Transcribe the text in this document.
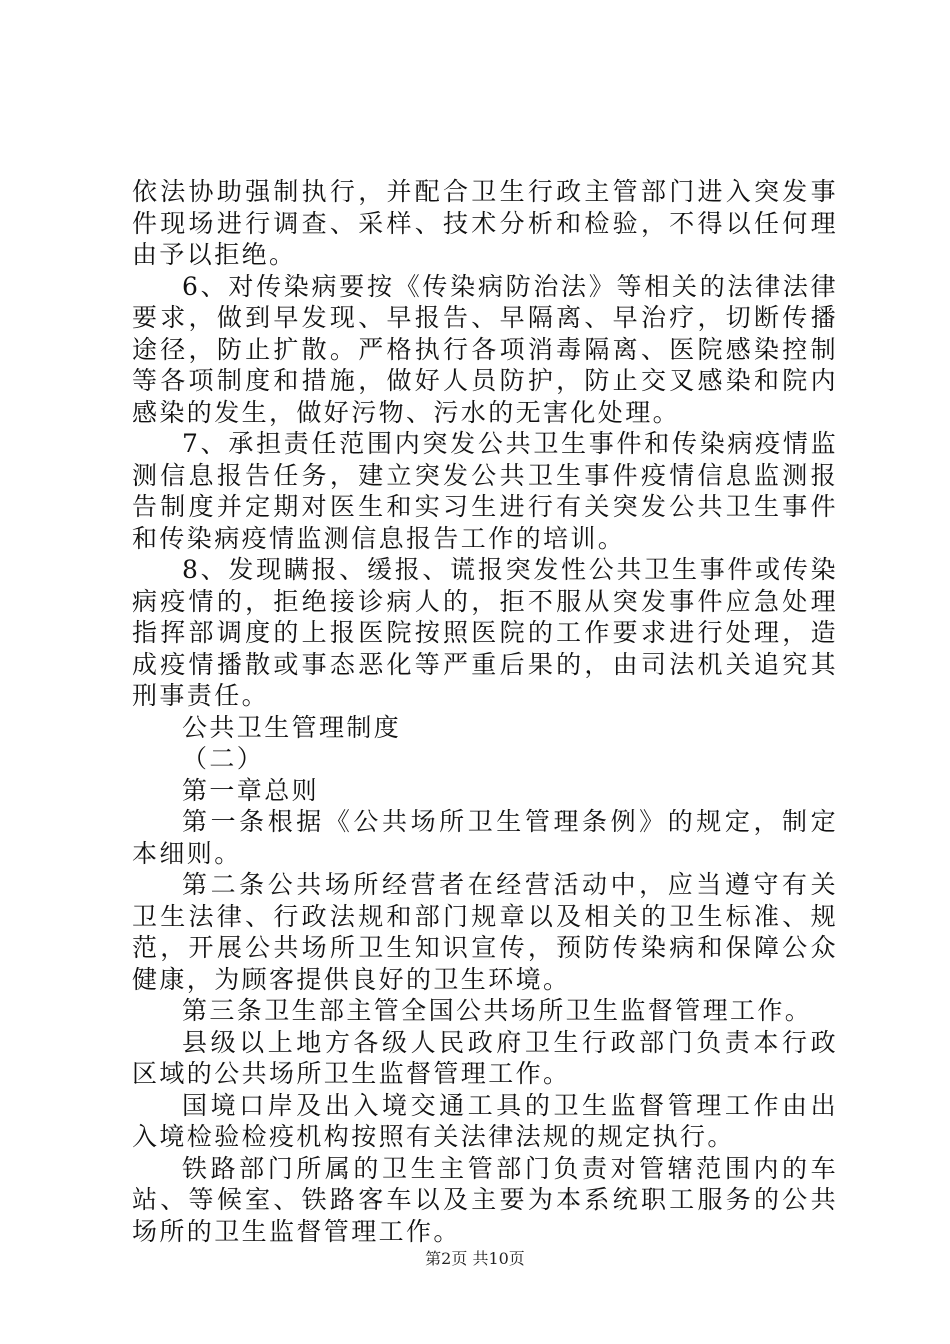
依法协助强制执行，并配合卫生行政主管部门进入突发事件现场进行调查、采样、技术分析和检验，不得以任何理由予以拒绝。

6、对传染病要按《传染病防治法》等相关的法律法律要求，做到早发现、早报告、早隔离、早治疗，切断传播途径，防止扩散。严格执行各项消毒隔离、医院感染控制等各项制度和措施，做好人员防护，防止交叉感染和院内感染的发生，做好污物、污水的无害化处理。

7、承担责任范围内突发公共卫生事件和传染病疫情监测信息报告任务，建立突发公共卫生事件疫情信息监测报告制度并定期对医生和实习生进行有关突发公共卫生事件和传染病疫情监测信息报告工作的培训。

8、发现瞒报、缓报、谎报突发性公共卫生事件或传染病疫情的，拒绝接诊病人的，拒不服从突发事件应急处理指挥部调度的上报医院按照医院的工作要求进行处理，造成疫情播散或事态恶化等严重后果的，由司法机关追究其刑事责任。

公共卫生管理制度

（二）

第一章总则

第一条根据《公共场所卫生管理条例》的规定，制定本细则。

第二条公共场所经营者在经营活动中，应当遵守有关卫生法律、行政法规和部门规章以及相关的卫生标准、规范，开展公共场所卫生知识宣传，预防传染病和保障公众健康，为顾客提供良好的卫生环境。

第三条卫生部主管全国公共场所卫生监督管理工作。

县级以上地方各级人民政府卫生行政部门负责本行政区域的公共场所卫生监督管理工作。

国境口岸及出入境交通工具的卫生监督管理工作由出入境检验检疫机构按照有关法律法规的规定执行。

铁路部门所属的卫生主管部门负责对管辖范围内的车站、等候室、铁路客车以及主要为本系统职工服务的公共场所的卫生监督管理工作。

第2页 共10页
